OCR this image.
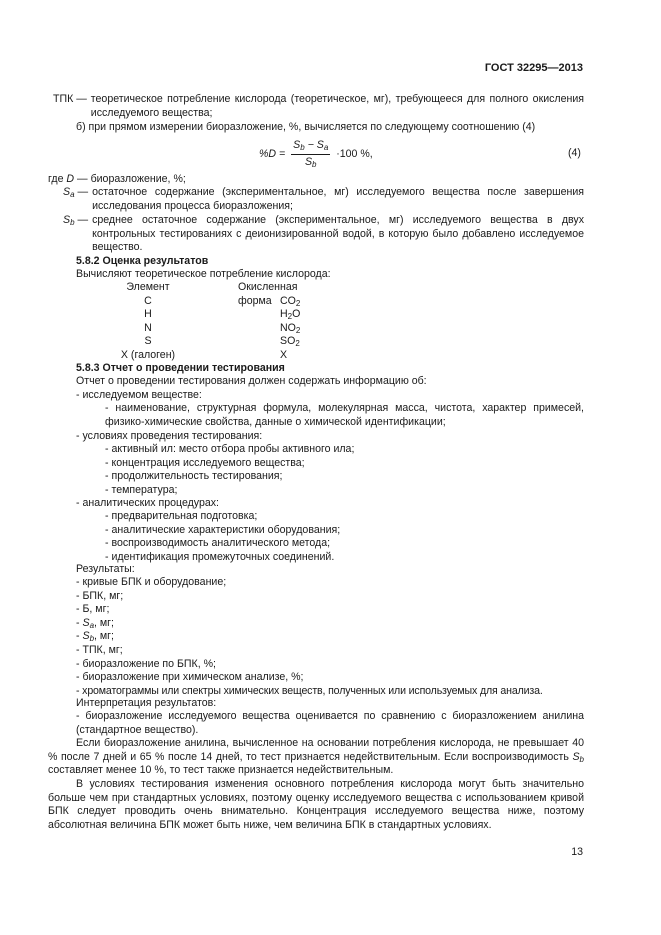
ГОСТ 32295—2013
ТПК — теоретическое потребление кислорода (теоретическое, мг), требующееся для полного окисления исследуемого вещества;
б) при прямом измерении биоразложение, %, вычисляется по следующему соотношению (4)
$\%D = \frac{S_b - S_a}{S_b} \cdot 100$ %,	(4)
где D — биоразложение, %;
$S_a$ — остаточное содержание (экспериментальное, мг) исследуемого вещества после завершения исследования процесса биоразложения;
$S_b$ — среднее остаточное содержание (экспериментальное, мг) исследуемого вещества в двух контрольных тестированиях с деионизированной водой, в которую было добавлено исследуемое вещество.
5.8.2 Оценка результатов
Вычисляют теоретическое потребление кислорода:
Элемент	Окисленная форма
C	$CO_2$
H	$H_2O$
N	$NO_2$
S	$SO_2$
X (галоген)	X
5.8.3 Отчет о проведении тестирования
Отчет о проведении тестирования должен содержать информацию об:
- исследуемом веществе:
- наименование, структурная формула, молекулярная масса, чистота, характер примесей, физико-химические свойства, данные о химической идентификации;
- условиях проведения тестирования:
- активный ил: место отбора пробы активного ила;
- концентрация исследуемого вещества;
- продолжительность тестирования;
- температура;
- аналитических процедурах:
- предварительная подготовка;
- аналитические характеристики оборудования;
- воспроизводимость аналитического метода;
- идентификация промежуточных соединений.
Результаты:
- кривые БПК и оборудование;
- БПК, мг;
- Б, мг;
- $S_a$, мг;
- $S_b$, мг;
- ТПК, мг;
- биоразложение по БПК, %;
- биоразложение при химическом анализе, %;
- хроматограммы или спектры химических веществ, полученных или используемых для анализа.
Интерпретация результатов:
- биоразложение исследуемого вещества оценивается по сравнению с биоразложением анилина (стандартное вещество).
Если биоразложение анилина, вычисленное на основании потребления кислорода, не превышает 40 % после 7 дней и 65 % после 14 дней, то тест признается недействительным. Если воспроизводимость $S_b$ составляет менее 10 %, то тест также признается недействительным.
В условиях тестирования изменения основного потребления кислорода могут быть значительно больше чем при стандартных условиях, поэтому оценку исследуемого вещества с использованием кривой БПК следует проводить очень внимательно. Концентрация исследуемого вещества ниже, поэтому абсолютная величина БПК может быть ниже, чем величина БПК в стандартных условиях.
13
